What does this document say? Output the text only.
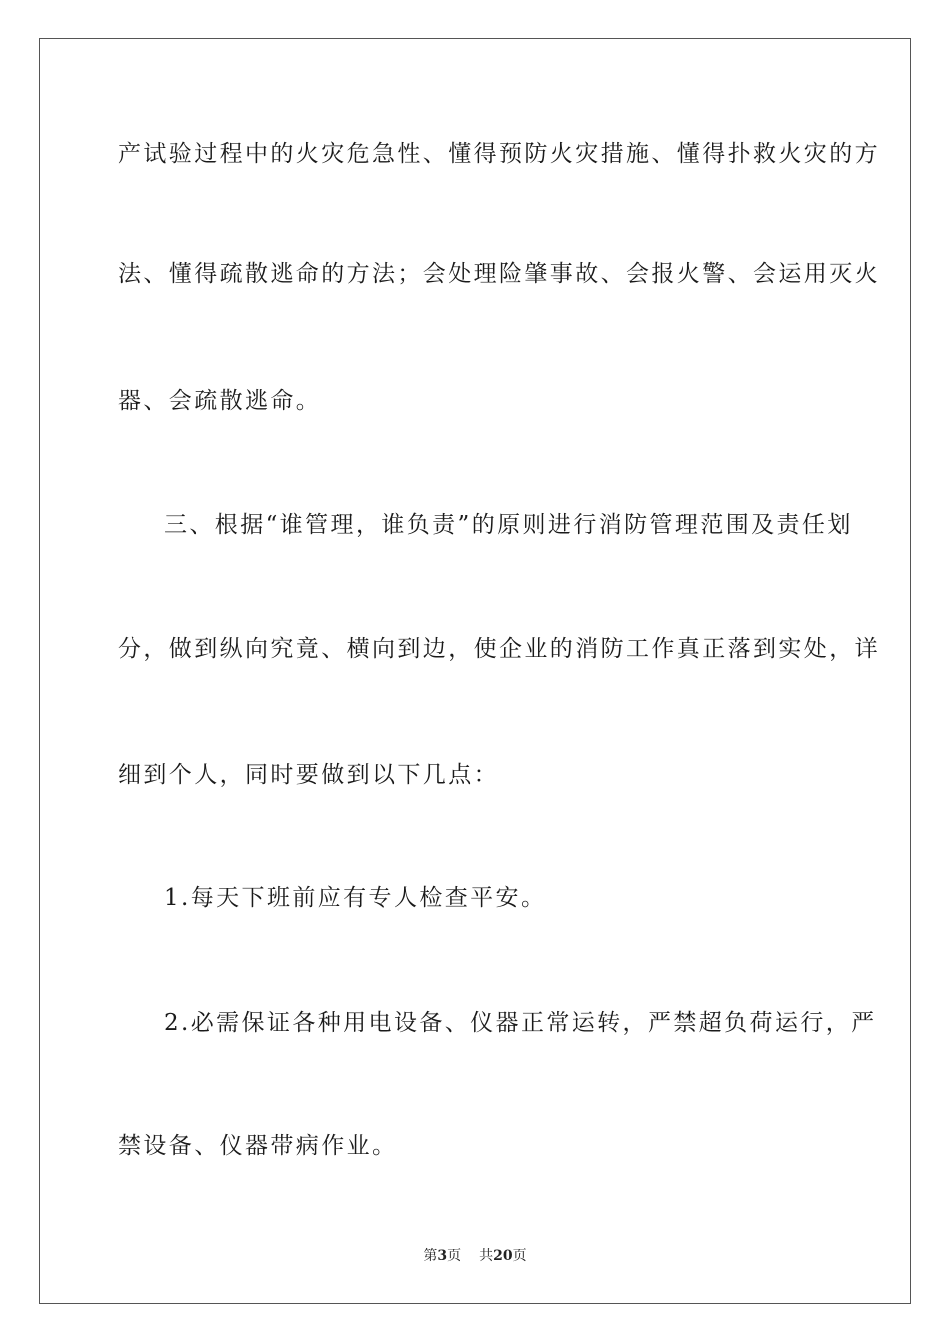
产试验过程中的火灾危急性、懂得预防火灾措施、懂得扑救火灾的方
法、懂得疏散逃命的方法；会处理险肇事故、会报火警、会运用灭火
器、会疏散逃命。
三、根据“谁管理，谁负责”的原则进行消防管理范围及责任划
分，做到纵向究竟、横向到边，使企业的消防工作真正落到实处，详
细到个人，同时要做到以下几点：
1.每天下班前应有专人检查平安。
2.必需保证各种用电设备、仪器正常运转，严禁超负荷运行，严
禁设备、仪器带病作业。
第3页 共20页
